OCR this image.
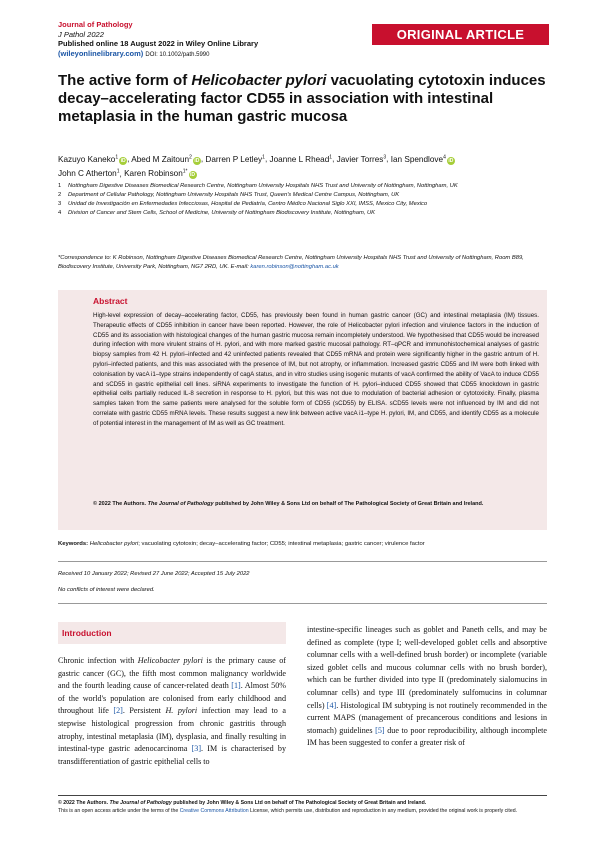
Journal of Pathology
J Pathol 2022
Published online 18 August 2022 in Wiley Online Library
(wileyonlinelibrary.com) DOI: 10.1002/path.5990
ORIGINAL ARTICLE
The active form of Helicobacter pylori vacuolating cytotoxin induces decay–accelerating factor CD55 in association with intestinal metaplasia in the human gastric mucosa
Kazuyo Kaneko$^1$iD , Abed M Zaitoun$^2$iD , Darren P Letley$^1$, Joanne L Rhead$^1$, Javier Torres$^3$, Ian Spendlove$^4$iD
John C Atherton$^1$, Karen Robinson$^{1*}$iD
1	Nottingham Digestive Diseases Biomedical Research Centre, Nottingham University Hospitals NHS Trust and University of Nottingham, Nottingham, UK
2	Department of Cellular Pathology, Nottingham University Hospitals NHS Trust, Queen's Medical Centre Campus, Nottingham, UK
3	Unidad de Investigación en Enfermedades Infecciosas, Hospital de Pediatría, Centro Médico Nacional Siglo XXI, IMSS, Mexico City, Mexico
4	Division of Cancer and Stem Cells, School of Medicine, University of Nottingham Biodiscovery Institute, Nottingham, UK
*Correspondence to: K Robinson, Nottingham Digestive Diseases Biomedical Research Centre, Nottingham University Hospitals NHS Trust and University of Nottingham, Room B89, Biodiscovery Institute, University Park, Nottingham, NG7 2RD, UK. E-mail: karen.robinson@nottingham.ac.uk
Abstract
High-level expression of decay–accelerating factor, CD55, has previously been found in human gastric cancer (GC) and intestinal metaplasia (IM) tissues. Therapeutic effects of CD55 inhibition in cancer have been reported. However, the role of Helicobacter pylori infection and virulence factors in the induction of CD55 and its association with histological changes of the human gastric mucosa remain incompletely understood. We hypothesised that CD55 would be increased during infection with more virulent strains of H. pylori, and with more marked gastric mucosal pathology. RT–qPCR and immunohistochemical analyses of gastric biopsy samples from 42 H. pylori–infected and 42 uninfected patients revealed that CD55 mRNA and protein were significantly higher in the gastric antrum of H. pylori–infected patients, and this was associated with the presence of IM, but not atrophy, or inflammation. Increased gastric CD55 and IM were both linked with colonisation by vacA i1–type strains independently of cagA status, and in vitro studies using isogenic mutants of vacA confirmed the ability of VacA to induce CD55 and sCD55 in gastric epithelial cell lines. siRNA experiments to investigate the function of H. pylori–induced CD55 showed that CD55 knockdown in gastric epithelial cells partially reduced IL-8 secretion in response to H. pylori, but this was not due to modulation of bacterial adhesion or cytotoxicity. Finally, plasma samples taken from the same patients were analysed for the soluble form of CD55 (sCD55) by ELISA. sCD55 levels were not influenced by IM and did not correlate with gastric CD55 mRNA levels. These results suggest a new link between active vacA i1–type H. pylori, IM, and CD55, and identify CD55 as a molecule of potential interest in the management of IM as well as GC treatment.
© 2022 The Authors. The Journal of Pathology published by John Wiley & Sons Ltd on behalf of The Pathological Society of Great Britain and Ireland.
Keywords: Helicobacter pylori; vacuolating cytotoxin; decay–accelerating factor; CD55; intestinal metaplasia; gastric cancer; virulence factor
Received 10 January 2022; Revised 27 June 2022; Accepted 15 July 2022
No conflicts of interest were declared.
Introduction
Chronic infection with Helicobacter pylori is the primary cause of gastric cancer (GC), the fifth most common malignancy worldwide and the fourth leading cause of cancer-related death [1]. Almost 50% of the world's population are colonised from early childhood and throughout life [2]. Persistent H. pylori infection may lead to a stepwise histological progression from chronic gastritis through atrophy, intestinal metaplasia (IM), dysplasia, and finally resulting in intestinal-type gastric adenocarcinoma [3]. IM is characterised by transdifferentiation of gastric epithelial cells to
intestine-specific lineages such as goblet and Paneth cells, and may be defined as complete (type I; well-developed goblet cells and absorptive columnar cells with a well-defined brush border) or incomplete (variable sized goblet cells and mucous columnar cells with no brush border), which can be further divided into type II (predominately sialomucins in columnar cells) and type III (predominately sulfomucins in columnar cells) [4]. Histological IM subtyping is not routinely recommended in the current MAPS (management of precancerous conditions and lesions in stomach) guidelines [5] due to poor reproducibility, although incomplete IM has been suggested to confer a greater risk of
© 2022 The Authors. The Journal of Pathology published by John Wiley & Sons Ltd on behalf of The Pathological Society of Great Britain and Ireland.
This is an open access article under the terms of the Creative Commons Attribution License, which permits use, distribution and reproduction in any medium, provided the original work is properly cited.
